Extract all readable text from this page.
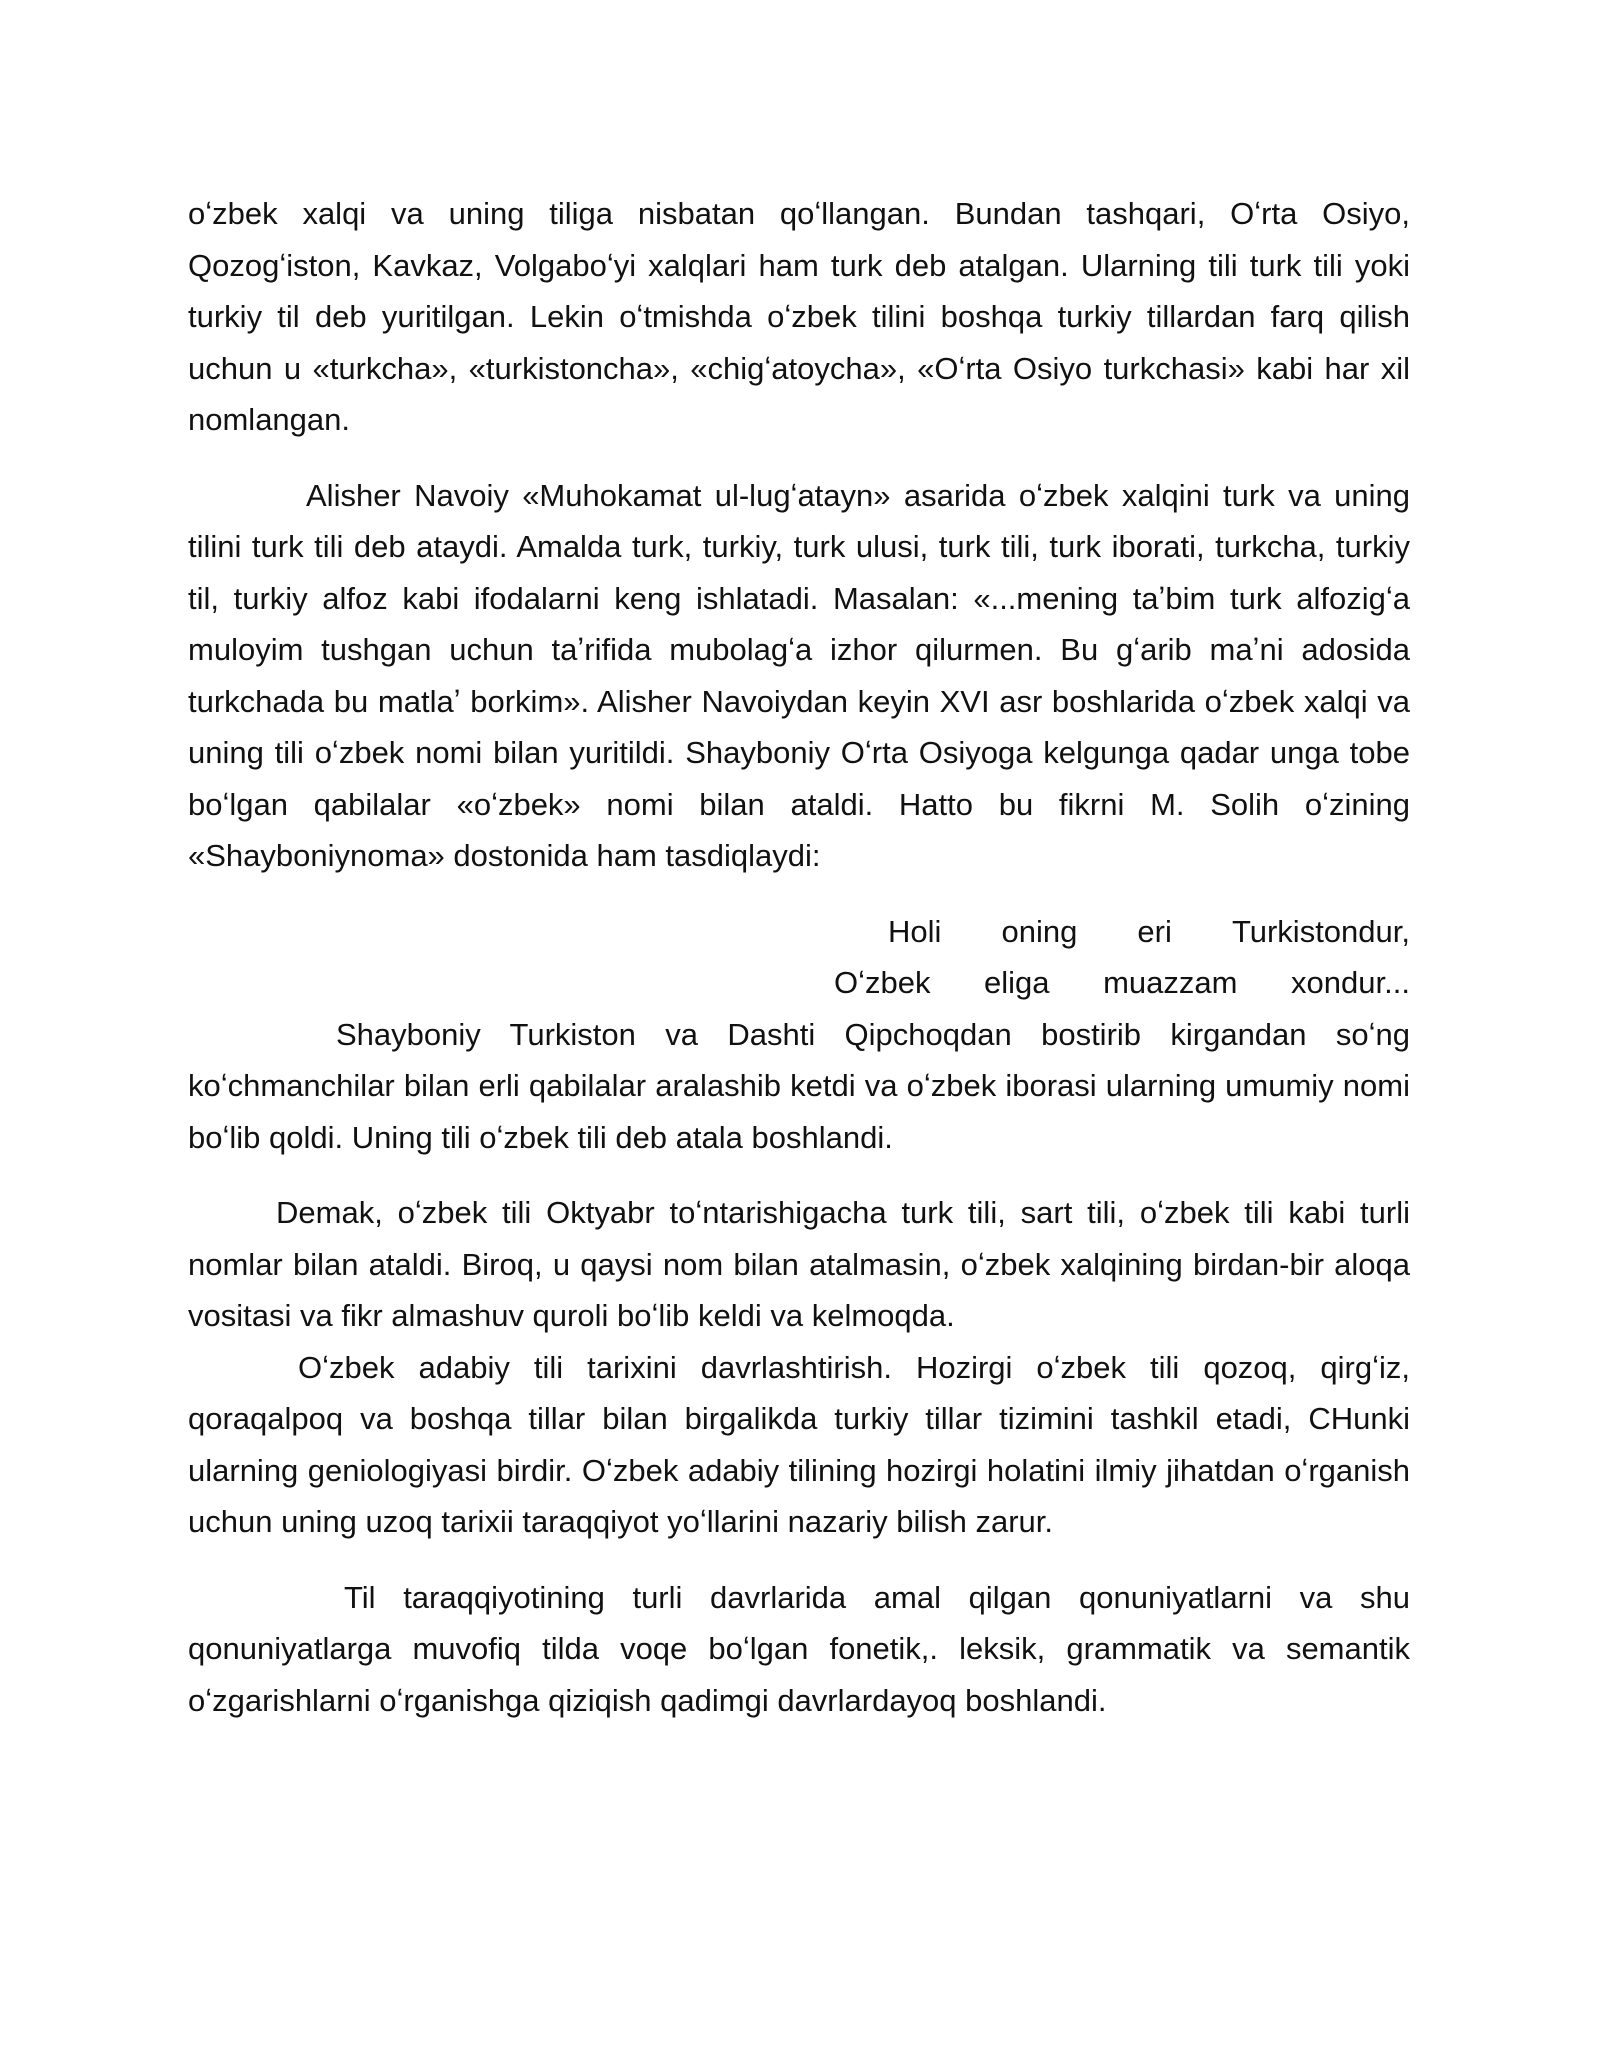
oʻzbek xalqi va uning tiliga nisbatan qoʻllangan. Bundan tashqari, Oʻrta Osiyo, Qozogʻiston, Kavkaz, Volgaboʻyi xalqlari ham turk deb atalgan. Ularning tili turk tili yoki turkiy til deb yuritilgan. Lekin oʻtmishda oʻzbek tilini boshqa turkiy tillardan farq qilish uchun u «turkcha», «turkistoncha», «chigʻatoycha», «Oʻrta Osiyo turkchasi» kabi har xil nomlangan.

Alisher Navoiy «Muhokamat ul-lugʻatayn» asarida oʻzbek xalqini turk va uning tilini turk tili deb ataydi. Amalda turk, turkiy, turk ulusi, turk tili, turk iborati, turkcha, turkiy til, turkiy alfoz kabi ifodalarni keng ishlatadi. Masalan: «...mening taʼbim turk alfozigʻa muloyim tushgan uchun taʼrifida mubolagʻa izhor qilurmen. Bu gʻarib maʼni adosida turkchada bu matlaʼ borkim». Alisher Navoiydan keyin XVI asr boshlarida oʻzbek xalqi va uning tili oʻzbek nomi bilan yuritildi. Shayboniy Oʻrta Osiyoga kelgunga qadar unga tobe boʻlgan qabilalar «oʻzbek» nomi bilan ataldi. Hatto bu fikrni M. Solih oʻzining «Shayboniynoma» dostonida ham tasdiqlaydi:

Holi oning eri Turkistondur,
Oʻzbek eliga muazzam xondur...

Shayboniy Turkiston va Dashti Qipchoqdan bostirib kirgandan soʻng koʻchmanchilar bilan erli qabilalar aralashib ketdi va oʻzbek iborasi ularning umumiy nomi boʻlib qoldi. Uning tili oʻzbek tili deb atala boshlandi.

Demak, oʻzbek tili Oktyabr toʻntarishigacha turk tili, sart tili, oʻzbek tili kabi turli nomlar bilan ataldi. Biroq, u qaysi nom bilan atalmasin, oʻzbek xalqining birdan-bir aloqa vositasi va fikr almashuv quroli boʻlib keldi va kelmoqda.

Oʻzbek adabiy tili tarixini davrlashtirish. Hozirgi oʻzbek tili qozoq, qirgʻiz, qoraqalpoq va boshqa tillar bilan birgalikda turkiy tillar tizimini tashkil etadi, CHunki ularning geniologiyasi birdir. Oʻzbek adabiy tilining hozirgi holatini ilmiy jihatdan oʻrganish uchun uning uzoq tarixii taraqqiyot yoʻllarini nazariy bilish zarur.

Til taraqqiyotining turli davrlarida amal qilgan qonuniyatlarni va shu qonuniyatlarga muvofiq tilda voqe boʻlgan fonetik,. leksik, grammatik va semantik oʻzgarishlarni oʻrganishga qiziqish qadimgi davrlardayoq boshlandi.
